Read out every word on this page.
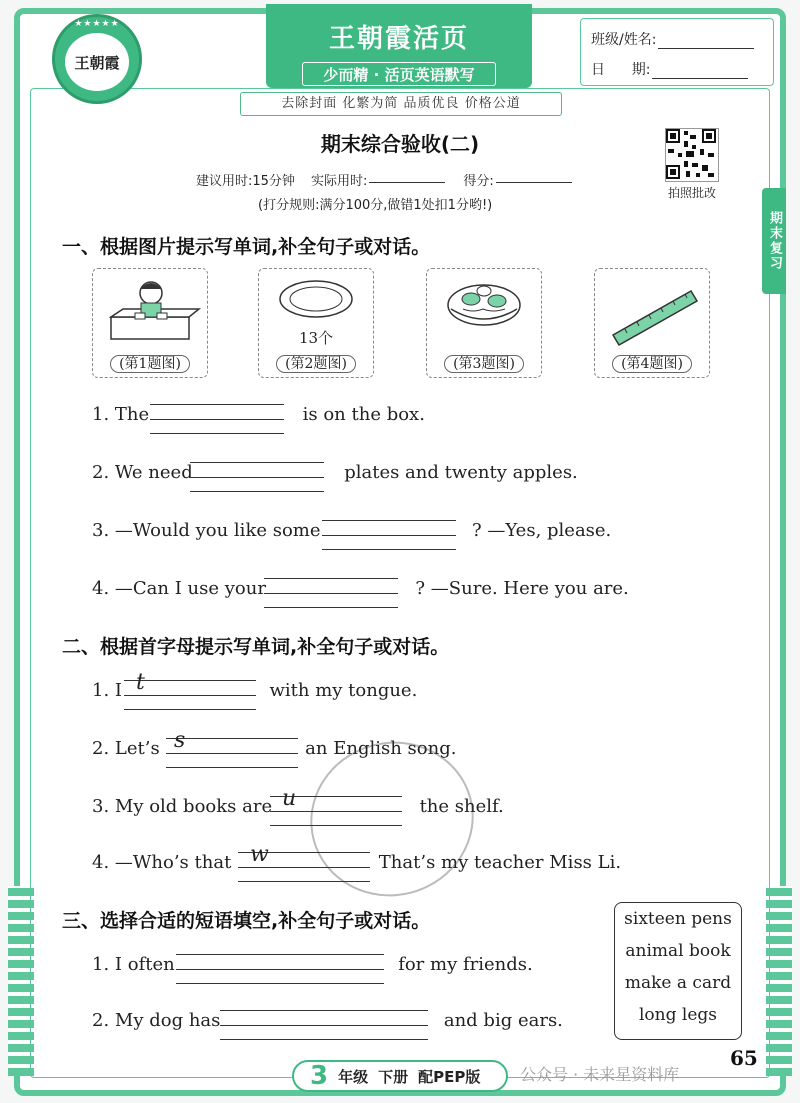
★★★★★
王朝霞
王朝霞活页
少而精 · 活页英语默写
去除封面 化繁为简 品质优良 价格公道
班级/姓名:
日      期:
期末综合验收(二)
建议用时:15分钟 实际用时:	得分:
(打分规则:满分100分,做错1处扣1分哟!)
拍照批改
期末复习
一、根据图片提示写单词,补全句子或对话。
(第1题图)
13个
(第2题图)	(第3题图)	(第4题图)
1. The	is on the box.
2. We need	plates and twenty apples.
3. —Would you like some	? —Yes, please.
4. —Can I use your	? —Sure. Here you are.
二、根据首字母提示写单词,补全句子或对话。
1. I	with my tongue.
t
2. Let’s	an English song.
s
3. My old books are	the shelf.
u
4. —Who’s that	That’s my teacher Miss Li.
w
三、选择合适的短语填空,补全句子或对话。	sixteen pens
animal book
make a card
long legs
1. I often	for my friends.
2. My dog has	and big ears.
3 年级 下册 配PEP版 公众号 · 未来星资料库
65
